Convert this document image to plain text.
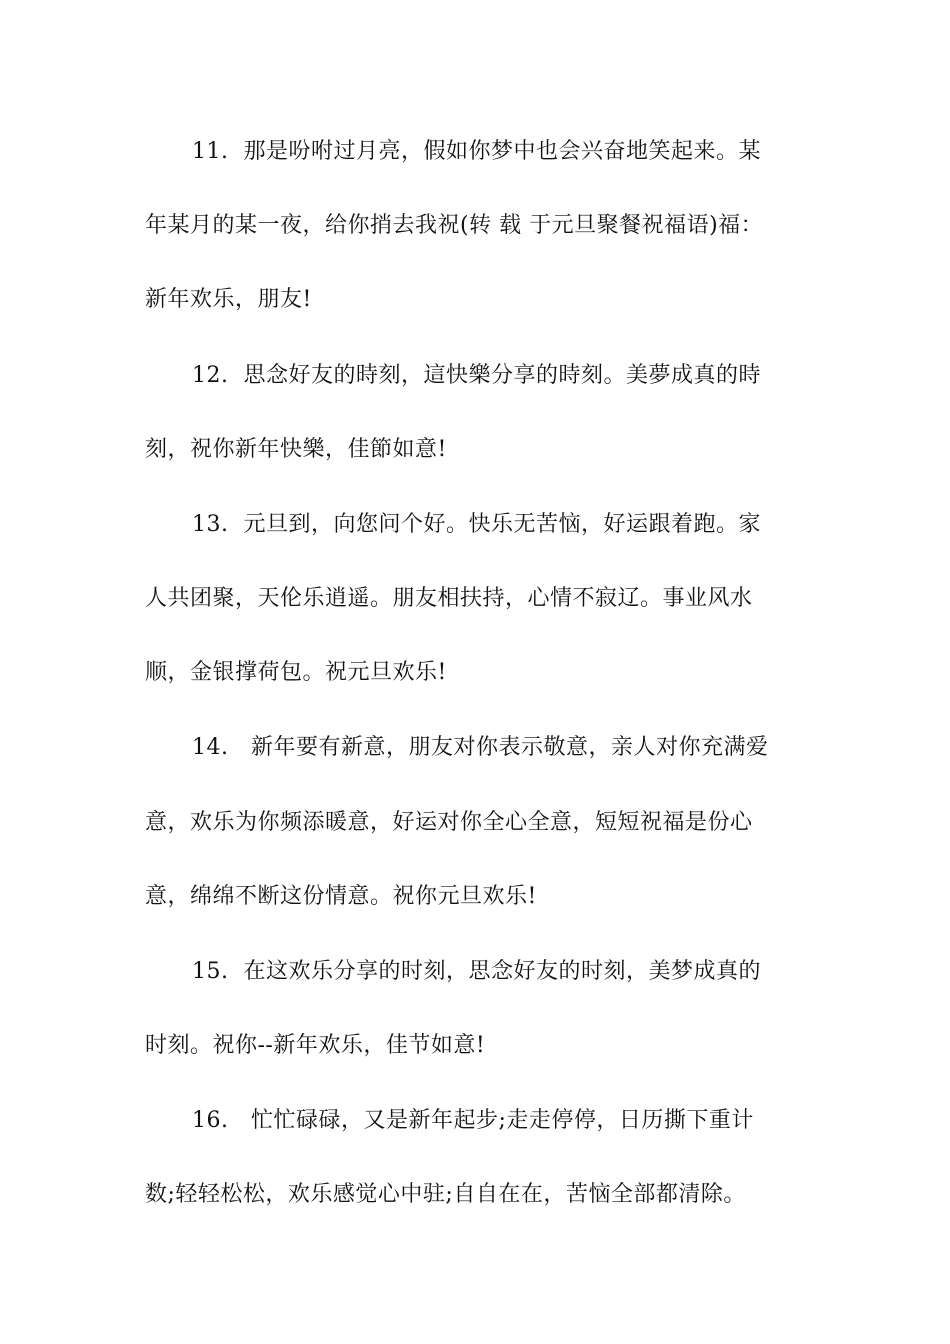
11.  那是吩咐过月亮，假如你梦中也会兴奋地笑起来。某
年某月的某一夜，给你捎去我祝(转 载 于元旦聚餐祝福语)福：
新年欢乐，朋友!
12.  思念好友的時刻，這快樂分享的時刻。美夢成真的時
刻，祝你新年快樂，佳節如意!
13.  元旦到，向您问个好。快乐无苦恼，好运跟着跑。家
人共团聚，天伦乐逍遥。朋友相扶持，心情不寂辽。事业风水
顺，金银撑荷包。祝元旦欢乐!
14.   新年要有新意，朋友对你表示敬意，亲人对你充满爱
意，欢乐为你频添暖意，好运对你全心全意，短短祝福是份心
意，绵绵不断这份情意。祝你元旦欢乐!
15.  在这欢乐分享的时刻，思念好友的时刻，美梦成真的
时刻。祝你--新年欢乐，佳节如意!
16.   忙忙碌碌，又是新年起步;走走停停，日历撕下重计
数;轻轻松松，欢乐感觉心中驻;自自在在，苦恼全部都清除。
